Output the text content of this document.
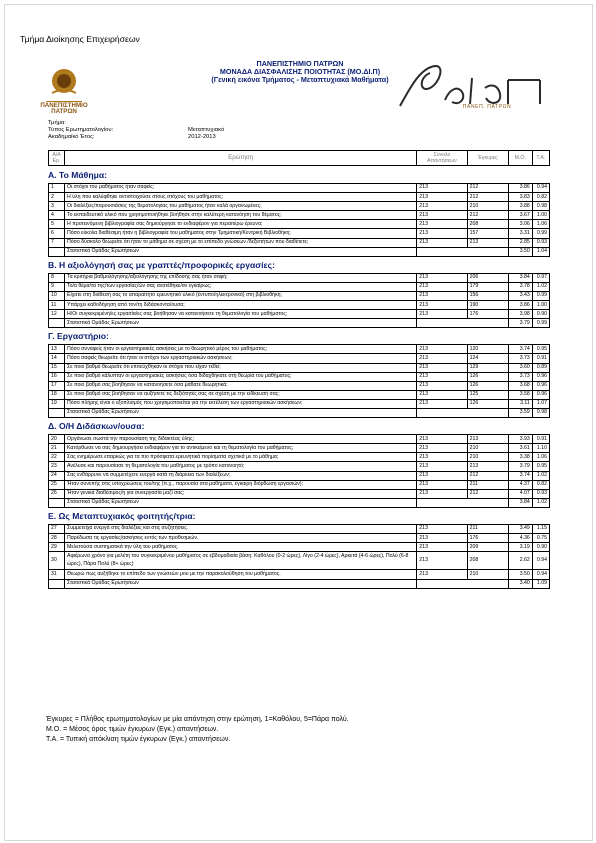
Τμήμα Διοίκησης Επιχειρήσεων
ΠΑΝΕΠΙΣΤΗΜΙΟ ΠΑΤΡΩΝ
ΠΑΝΕΠΙΣΤΗΜΙΟ ΠΑΤΡΩΝ
ΜΟΝΑΔΑ ΔΙΑΣΦΑΛΙΣΗΣ ΠΟΙΟΤΗΤΑΣ (ΜΟ.ΔΙ.Π)
(Γενική εικόνα Τμήματος - Μεταπτυχιακά Μαθήματα)
ΠΑΝΕΠ. ΠΑΤΡΩΝ
Τμήμα:
Τύπος Ερωτηματολογίου:	Μεταπτυχιακό
Ακαδημαϊκό Έτος:	2012-2013
Α/Α Ερ.	Ερώτηση	Σύνολο Απαντήσεων	Έγκυρες	Μ.Ο.	Τ.Α.
Α. Το Μάθημα:
1	Οι στόχοι του μαθήματος ήταν σαφείς;	213	212	3.86	0.94
2	Η ύλη που καλύφθηκε αντιστοιχούσε στους στόχους του μαθήματος;	213	212	3.83	0.82
3	Οι διαλέξεις/παρουσιάσεις της θεματολογίας του μαθήματος ήταν καλά οργανωμένες;	213	210	3.88	0.98
4	Το εκπαιδευτικό υλικό που χρησιμοποιήθηκε βοήθησε στην καλύτερη κατανόηση του θέματος;	213	212	3.67	1.00
5	Η προτεινόμενη βιβλιογραφία σας δημιούργησε το ενδιαφέρον για περαιτέρω έρευνα;	213	208	3.06	1.06
6	Πόσο εύκολα διαθέσιμη ήταν η βιβλιογραφία του μαθήματος στην Τμηματική/Κεντρική Βιβλιοθήκη;	213	157	3.31	0.99
7	Πόσο δύσκολο θεωρείτε ότι ήταν το μάθημα σε σχέση με το επίπεδο γνώσεων /δεξιοτήτων που διαθέτετε;	213	213	2.85	0.93
	Στατιστικά Ομάδας Ερωτήσεων			3.50	1.04
Β. Η αξιολόγησή σας με γραπτές/προφορικές εργασίες:
8	Τα κριτήρια βαθμολόγησης/αξιολόγησης της επίδοσής σας ήταν σαφή;	213	206	3.84	0.97
9	Το/α θέμα/τα της/των εργασίας/ών σας ανατέθηκε/αν εγκαίρως;	213	179	3.78	1.02
10	Είχατε στη διάθεσή σας το απαραίτητο ερευνητικό υλικό (έντυπο/ηλεκτρονικό) στη βιβλιοθήκη;	213	156	3.43	0.99
11	Υπάρχει καθοδήγηση από τον/τη διδάσκοντα/ουσα;	213	190	3.86	1.00
12	Η/Οι συγκεκριμένη/ες εργασία/ες σας βοήθησαν να κατανοήσετε τη θεματολογία του μαθήματος;	213	176	3.98	0.90
	Στατιστικά Ομάδας Ερωτήσεων			3.79	0.99
Γ. Εργαστήριο:
13	Πόσο συναφείς ήταν οι εργαστηριακές ασκήσεις με το θεωρητικό μέρος του μαθήματος;	213	120	3.74	0.95
14	Πόσο σαφείς θεωρείτε ότι ήταν οι στόχοι των εργαστηριακών ασκήσεων;	213	124	3.73	0.91
15	Σε ποιο βαθμό θεωρείτε ότι επιτεύχθηκαν οι στόχοι που είχαν τεθεί;	213	129	3.60	0.89
16	Σε ποιο βαθμό κάλυπταν οι εργαστηριακές ασκήσεις όσα διδαχθήκατε στη θεωρία του μαθήματος;	213	126	3.73	0.96
17	Σε ποιο βαθμό σας βοήθησαν να κατανοήσετε όσα μάθατε θεωρητικά;	213	126	3.68	0.96
18	Σε ποιο βαθμό σας βοήθησαν να αυξήσετε τις δεξιότητές σας σε σχέση με την ειδίκευσή σας;	213	125	3.58	0.96
19	Πόσο πλήρης είναι ο εξοπλισμός που χρησιμοποιείται για την εκτέλεση των εργαστηριακών ασκήσεων;	213	126	3.11	1.07
	Στατιστικά Ομάδας Ερωτήσεων			3.59	0.98
Δ. Ο/Η Διδάσκων/ουσα:
20	Οργάνωσε σωστά την παρουσίαση της διδακτέας ύλης;	213	213	3.93	0.91
21	Κατόρθωσε να σας δημιουργήσει ενδιαφέρον για το αντικείμενο και τη θεματολογία του μαθήματος;	213	210	3.61	1.10
22	Σας ενημέρωσε επαρκώς για τα πιο πρόσφατα ερευνητικά πορίσματα σχετικά με το μάθημα;	213	210	3.38	1.06
23	Ανέλυσε και παρουσίασε τη θεματολογία του μαθήματος με τρόπο κατανοητό;	213	213	3.79	0.95
24	Σας ενθάρρυνε να συμμετέχετε ενεργά κατά τη διάρκεια των διαλέξεων;	213	212	3.74	1.02
25	Ήταν συνεπής στις υποχρεώσεις του/της (π.χ., παρουσία στα μαθήματα, έγκαιρη διόρθωση εργασιών);	213	211	4.37	0.82
26	Ήταν γενικά διαθέσιμος/η για συνεργασία μαζί σας;	213	212	4.07	0.93
	Στατιστικά Ομάδας Ερωτήσεων			3.84	1.02
Ε. Ως Μεταπτυχιακός φοιτητής/τρια:
27	Συμμετείχα ενεργά στις διαλέξεις και στις συζητήσεις.	213	211	3.49	1.15
28	Παρέδωσα τις εργασίες/ασκήσεις εντός των προθεσμιών.	213	176	4.36	0.75
29	Μελετούσα συστηματικά την ύλη του μαθήματος.	213	209	3.19	0.90
30	Αφιέρωνα χρόνο για μελέτη του συγκεκριμένου μαθήματος σε εβδομαδιαία βάση: Καθόλου (0-2 ώρες), Λίγο (2-4 ώρες), Αρκετά (4-6 ώρες), Πολύ (6-8 ώρες), Πάρα Πολύ (8+ ώρες)	213	208	2.62	0.94
31	Θεωρώ πως αυξήθηκε το επίπεδο των γνώσεών μου με την παρακολούθηση του μαθήματος.	213	210	3.50	0.94
	Στατιστικά Ομάδας Ερωτήσεων			3.40	1.09
Έγκυρες = Πλήθος ερωτηματολογίων με μία απάντηση στην ερώτηση, 1=Καθόλου, 5=Πάρα πολύ.
Μ.Ο. = Μέσος όρος τιμών έγκυρων (Εγκ.) απαντήσεων.
Τ.Α. = Τυπική απόκλιση τιμών έγκυρων (Εγκ.) απαντήσεων.
